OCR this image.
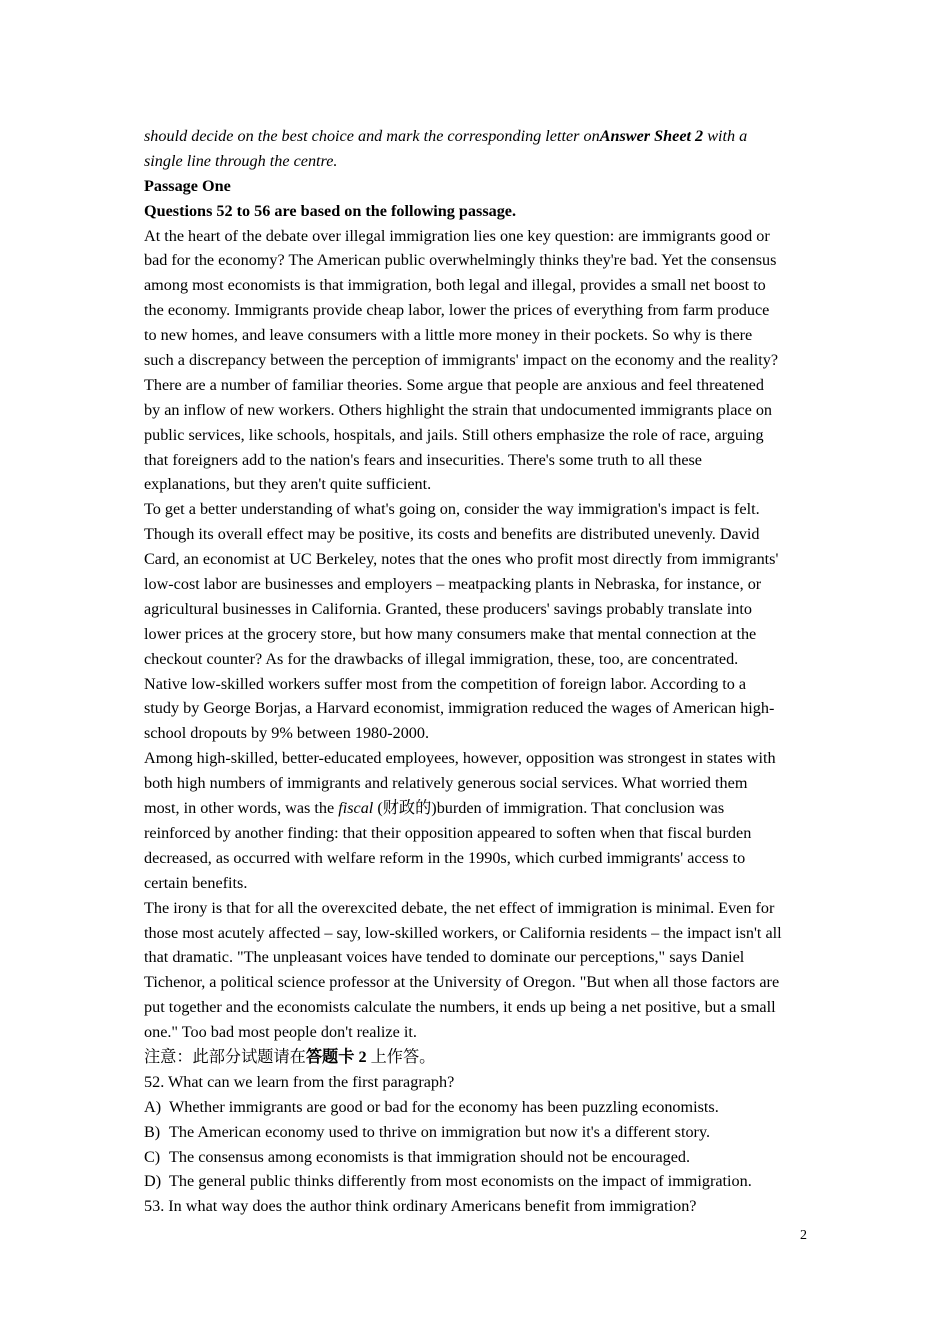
should decide on the best choice and mark the corresponding letter onAnswer Sheet 2 with a
single line through the centre.
Passage One
Questions 52 to 56 are based on the following passage.
At the heart of the debate over illegal immigration lies one key question: are immigrants good or
bad for the economy? The American public overwhelmingly thinks they're bad. Yet the consensus
among most economists is that immigration, both legal and illegal, provides a small net boost to
the economy. Immigrants provide cheap labor, lower the prices of everything from farm produce
to new homes, and leave consumers with a little more money in their pockets. So why is there
such a discrepancy between the perception of immigrants' impact on the economy and the reality?
There are a number of familiar theories. Some argue that people are anxious and feel threatened
by an inflow of new workers. Others highlight the strain that undocumented immigrants place on
public services, like schools, hospitals, and jails. Still others emphasize the role of race, arguing
that foreigners add to the nation's fears and insecurities. There's some truth to all these
explanations, but they aren't quite sufficient.
To get a better understanding of what's going on, consider the way immigration's impact is felt.
Though its overall effect may be positive, its costs and benefits are distributed unevenly. David
Card, an economist at UC Berkeley, notes that the ones who profit most directly from immigrants'
low-cost labor are businesses and employers – meatpacking plants in Nebraska, for instance, or
agricultural businesses in California. Granted, these producers' savings probably translate into
lower prices at the grocery store, but how many consumers make that mental connection at the
checkout counter? As for the drawbacks of illegal immigration, these, too, are concentrated.
Native low-skilled workers suffer most from the competition of foreign labor. According to a
study by George Borjas, a Harvard economist, immigration reduced the wages of American high-
school dropouts by 9% between 1980-2000.
Among high-skilled, better-educated employees, however, opposition was strongest in states with
both high numbers of immigrants and relatively generous social services. What worried them
most, in other words, was the fiscal (财政的)burden of immigration. That conclusion was
reinforced by another finding: that their opposition appeared to soften when that fiscal burden
decreased, as occurred with welfare reform in the 1990s, which curbed immigrants' access to
certain benefits.
The irony is that for all the overexcited debate, the net effect of immigration is minimal. Even for
those most acutely affected – say, low-skilled workers, or California residents – the impact isn't all
that dramatic. "The unpleasant voices have tended to dominate our perceptions," says Daniel
Tichenor, a political science professor at the University of Oregon. "But when all those factors are
put together and the economists calculate the numbers, it ends up being a net positive, but a small
one." Too bad most people don't realize it.
注意：此部分试题请在答题卡 2 上作答。
52. What can we learn from the first paragraph?
A) Whether immigrants are good or bad for the economy has been puzzling economists.
B) The American economy used to thrive on immigration but now it's a different story.
C) The consensus among economists is that immigration should not be encouraged.
D) The general public thinks differently from most economists on the impact of immigration.
53. In what way does the author think ordinary Americans benefit from immigration?
2
